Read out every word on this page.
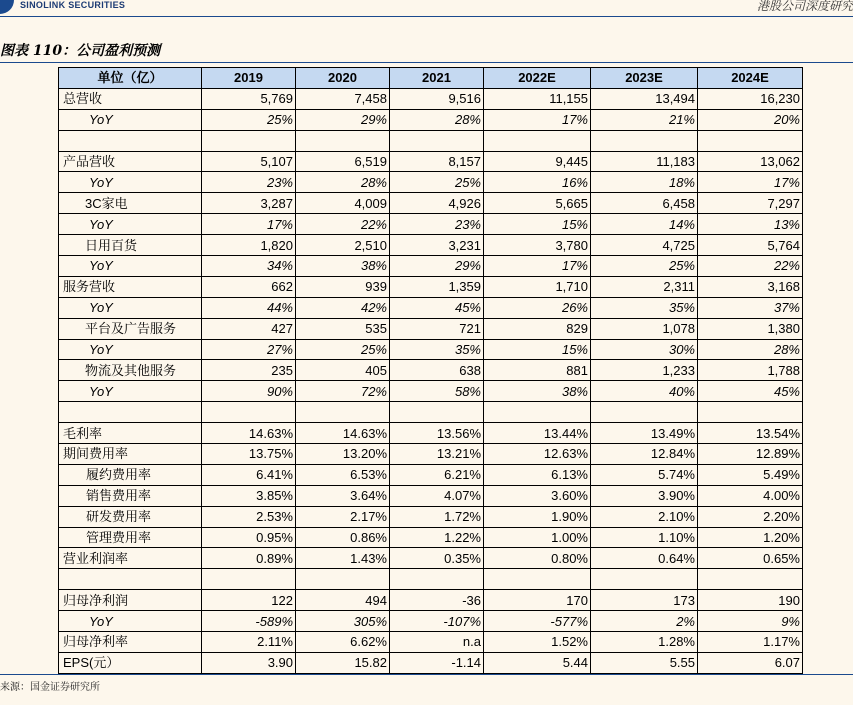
SINOLINK SECURITIES	港股公司深度研究
图表 110：公司盈利预测
单位（亿）	2019	2020	2021	2022E	2023E	2024E
总营收	5,769	7,458	9,516	11,155	13,494	16,230
YoY	25%	29%	28%	17%	21%	20%

产品营收	5,107	6,519	8,157	9,445	11,183	13,062
YoY	23%	28%	25%	16%	18%	17%
3C家电	3,287	4,009	4,926	5,665	6,458	7,297
YoY	17%	22%	23%	15%	14%	13%
日用百货	1,820	2,510	3,231	3,780	4,725	5,764
YoY	34%	38%	29%	17%	25%	22%
服务营收	662	939	1,359	1,710	2,311	3,168
YoY	44%	42%	45%	26%	35%	37%
平台及广告服务	427	535	721	829	1,078	1,380
YoY	27%	25%	35%	15%	30%	28%
物流及其他服务	235	405	638	881	1,233	1,788
YoY	90%	72%	58%	38%	40%	45%

毛利率	14.63%	14.63%	13.56%	13.44%	13.49%	13.54%
期间费用率	13.75%	13.20%	13.21%	12.63%	12.84%	12.89%
履约费用率	6.41%	6.53%	6.21%	6.13%	5.74%	5.49%
销售费用率	3.85%	3.64%	4.07%	3.60%	3.90%	4.00%
研发费用率	2.53%	2.17%	1.72%	1.90%	2.10%	2.20%
管理费用率	0.95%	0.86%	1.22%	1.00%	1.10%	1.20%
营业利润率	0.89%	1.43%	0.35%	0.80%	0.64%	0.65%

归母净利润	122	494	-36	170	173	190
YoY	-589%	305%	-107%	-577%	2%	9%
归母净利率	2.11%	6.62%	n.a	1.52%	1.28%	1.17%
EPS(元）	3.90	15.82	-1.14	5.44	5.55	6.07
来源：国金证券研究所
